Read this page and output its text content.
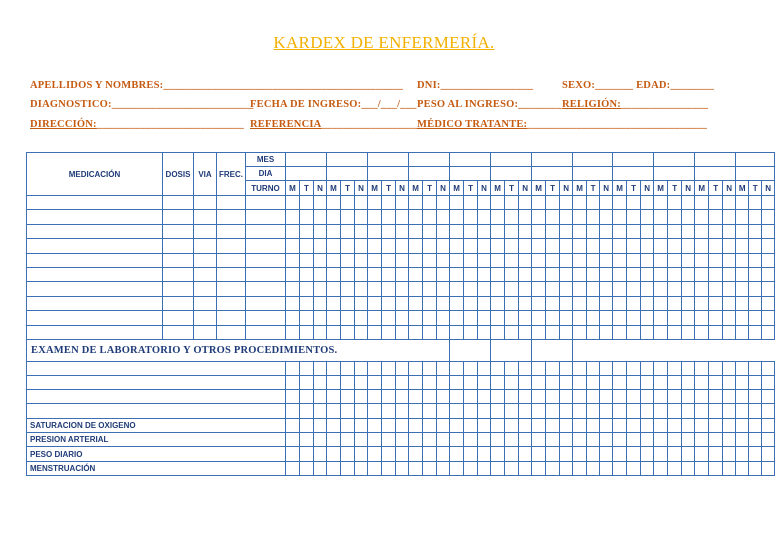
KARDEX DE ENFERMERÍA.
APELLIDOS Y NOMBRES:____________________________________________ DNI:_________________	SEXO:_______ EDAD:________
DIAGNOSTICO:__________________________
FECHA DE INGRESO:___/___/___ PESO AL INGRESO:________ RELIGIÓN:________________
DIRECCIÓN:___________________________ REFERENCIA___________________
MÉDICO TRATANTE:_________________________________
MEDICACIÓN	DOSIS	VIA	FREC.	MES																																				
				DIA																																				
				TURNO	M	T	N	M	T	N	M	T	N	M	T	N	M	T	N	M	T	N	M	T	N	M	T	N	M	T	N	M	T	N	M	T	N	M	T	N

EXAMEN DE LABORATORIO Y OTROS PROCEDIMIENTOS.																																								

SATURACION DE OXIGENO																																								
PRESION ARTERIAL																																								
PESO DIARIO																																								
MENSTRUACIÓN																																								
